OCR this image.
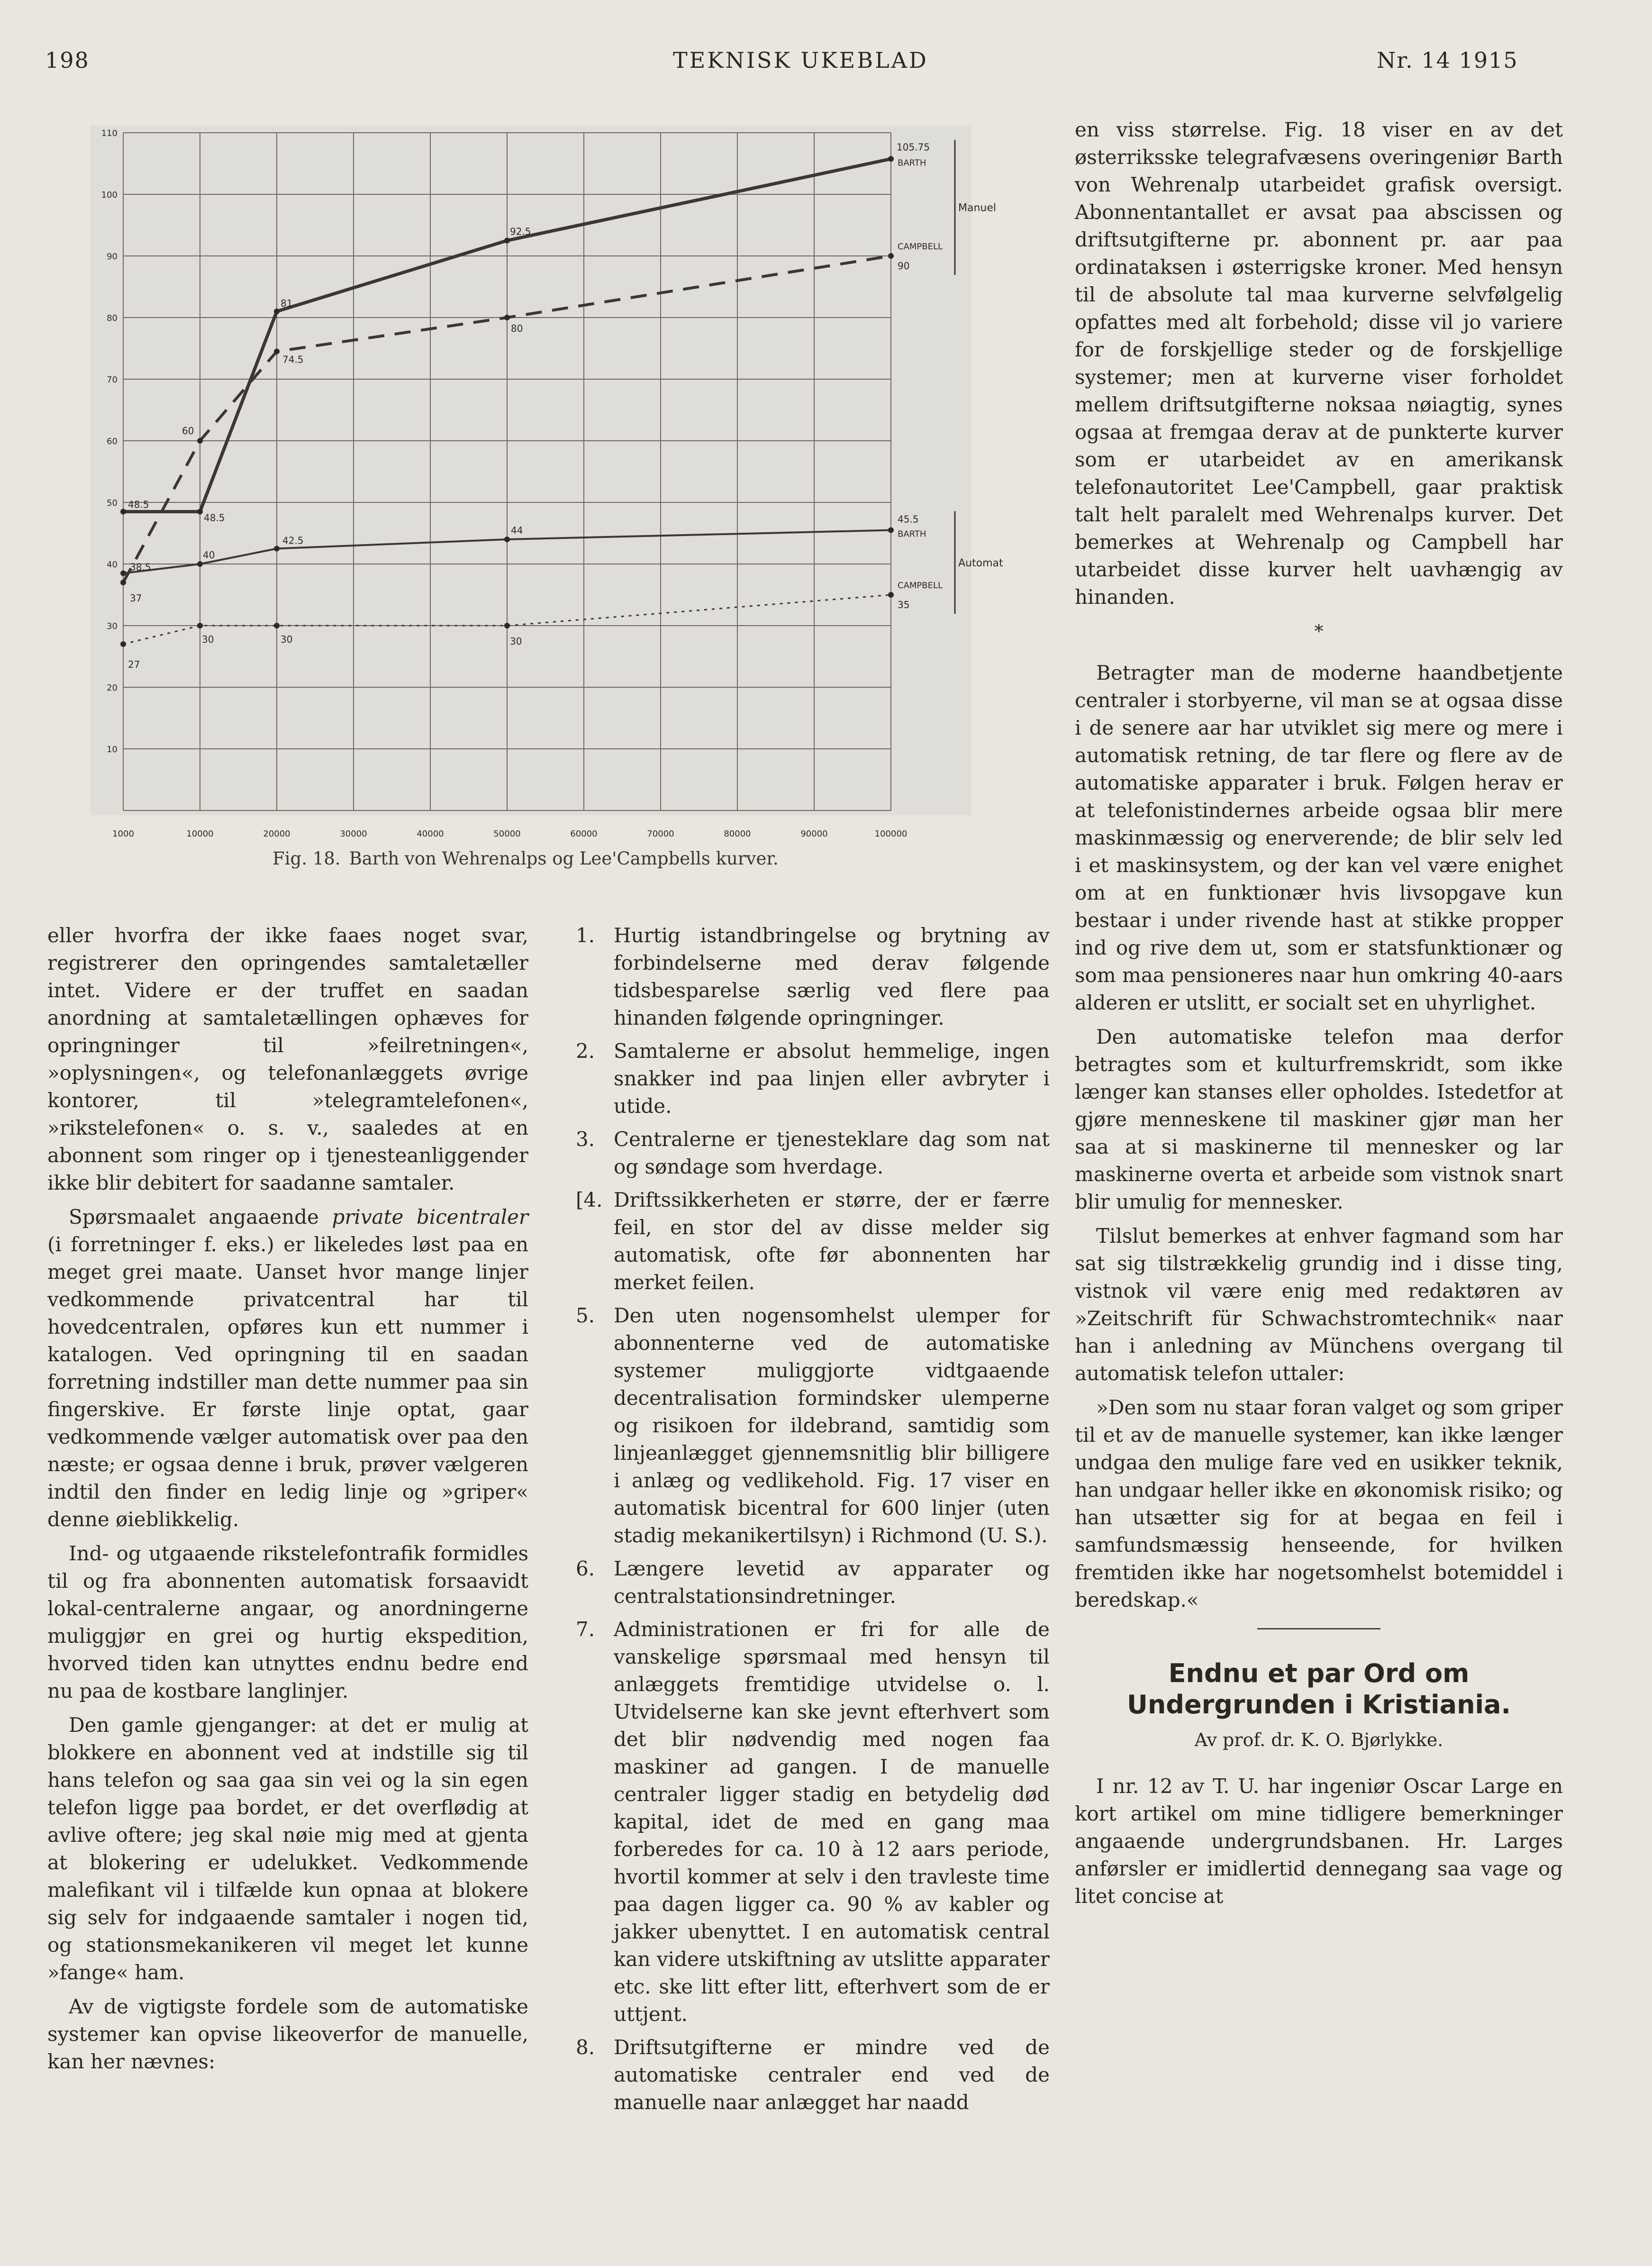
198	TEKNISK UKEBLAD	Nr. 14 1915
1000	10000	20000	30000	40000	50000	60000	70000	80000	90000	100000
10
20
30
40
50
60
70
80
90
100
110
48.5
48.5
81
92.5
105.75
BARTH
37
60
74.5
80
90
CAMPBELL
38.5
40
42.5
44
45.5
BARTH
27
30	30	30
35
CAMPBELL
Manuel
Automat
Fig. 18. Barth von Wehrenalps og Lee'Campbells kurver.

eller hvorfra der ikke faaes noget svar, registrerer den opringendes samtaletæller intet. Videre er der truffet en saadan anordning at samtaletællingen ophæves for opringninger til »feilretningen«, »oplysningen«, og telefonanlæggets øvrige kontorer, til »telegramtelefonen«, »rikstelefonen« o. s. v., saaledes at en abonnent som ringer op i tjenesteanliggender ikke blir debitert for saadanne samtaler.

Spørsmaalet angaaende private bicentraler (i forretninger f. eks.) er likeledes løst paa en meget grei maate. Uanset hvor mange linjer vedkommende privatcentral har til hovedcentralen, opføres kun ett nummer i katalogen. Ved opringning til en saadan forretning indstiller man dette nummer paa sin fingerskive. Er første linje optat, gaar vedkommende vælger automatisk over paa den næste; er ogsaa denne i bruk, prøver vælgeren indtil den finder en ledig linje og »griper« denne øieblikkelig.

Ind- og utgaaende rikstelefontrafik formidles til og fra abonnenten automatisk forsaavidt lokal-centralerne angaar, og anordningerne muliggjør en grei og hurtig ekspedition, hvorved tiden kan utnyttes endnu bedre end nu paa de kostbare langlinjer.

Den gamle gjenganger: at det er mulig at blokkere en abonnent ved at indstille sig til hans telefon og saa gaa sin vei og la sin egen telefon ligge paa bordet, er det overflødig at avlive oftere; jeg skal nøie mig med at gjenta at blokering er udelukket. Vedkommende malefikant vil i tilfælde kun opnaa at blokere sig selv for indgaaende samtaler i nogen tid, og stationsmekanikeren vil meget let kunne »fange« ham.

Av de vigtigste fordele som de automatiske systemer kan opvise likeoverfor de manuelle, kan her nævnes:

1. Hurtig istandbringelse og brytning av forbindelserne med derav følgende tidsbesparelse særlig ved flere paa hinanden følgende opringninger.
2. Samtalerne er absolut hemmelige, ingen snakker ind paa linjen eller avbryter i utide.
3. Centralerne er tjenesteklare dag som nat og søndage som hverdage.
[4. Driftssikkerheten er større, der er færre feil, en stor del av disse melder sig automatisk, ofte før abonnenten har merket feilen.
5. Den uten nogensomhelst ulemper for abonnenterne ved de automatiske systemer muliggjorte vidtgaaende decentralisation formindsker ulemperne og risikoen for ildebrand, samtidig som linjeanlægget gjennemsnitlig blir billigere i anlæg og vedlikehold. Fig. 17 viser en automatisk bicentral for 600 linjer (uten stadig mekanikertilsyn) i Richmond (U. S.).
6. Længere levetid av apparater og centralstationsindretninger.
7. Administrationen er fri for alle de vanskelige spørsmaal med hensyn til anlæggets fremtidige utvidelse o. l. Utvidelserne kan ske jevnt efterhvert som det blir nødvendig med nogen faa maskiner ad gangen. I de manuelle centraler ligger stadig en betydelig død kapital, idet de med en gang maa forberedes for ca. 10 à 12 aars periode, hvortil kommer at selv i den travleste time paa dagen ligger ca. 90 % av kabler og jakker ubenyttet. I en automatisk central kan videre utskiftning av utslitte apparater etc. ske litt efter litt, efterhvert som de er uttjent.
8. Driftsutgifterne er mindre ved de automatiske centraler end ved de manuelle naar anlægget har naadd

en viss størrelse. Fig. 18 viser en av det østerriksske telegrafvæsens overingeniør Barth von Wehrenalp utarbeidet grafisk oversigt. Abonnentantallet er avsat paa abscissen og driftsutgifterne pr. abonnent pr. aar paa ordinataksen i østerrigske kroner. Med hensyn til de absolute tal maa kurverne selvfølgelig opfattes med alt forbehold; disse vil jo variere for de forskjellige steder og de forskjellige systemer; men at kurverne viser forholdet mellem driftsutgifterne noksaa nøiagtig, synes ogsaa at fremgaa derav at de punkterte kurver som er utarbeidet av en amerikansk telefonautoritet Lee'Campbell, gaar praktisk talt helt paralelt med Wehrenalps kurver. Det bemerkes at Wehrenalp og Campbell har utarbeidet disse kurver helt uavhængig av hinanden.

*

Betragter man de moderne haandbetjente centraler i storbyerne, vil man se at ogsaa disse i de senere aar har utviklet sig mere og mere i automatisk retning, de tar flere og flere av de automatiske apparater i bruk. Følgen herav er at telefonistindernes arbeide ogsaa blir mere maskinmæssig og enerverende; de blir selv led i et maskinsystem, og der kan vel være enighet om at en funktionær hvis livsopgave kun bestaar i under rivende hast at stikke propper ind og rive dem ut, som er statsfunktionær og som maa pensioneres naar hun omkring 40-aars alderen er utslitt, er socialt set en uhyrlighet.

Den automatiske telefon maa derfor betragtes som et kulturfremskridt, som ikke længer kan stanses eller opholdes. Istedetfor at gjøre menneskene til maskiner gjør man her saa at si maskinerne til mennesker og lar maskinerne overta et arbeide som vistnok snart blir umulig for mennesker.

Tilslut bemerkes at enhver fagmand som har sat sig tilstrækkelig grundig ind i disse ting, vistnok vil være enig med redaktøren av »Zeitschrift für Schwachstromtechnik« naar han i anledning av Münchens overgang til automatisk telefon uttaler:

»Den som nu staar foran valget og som griper til et av de manuelle systemer, kan ikke længer undgaa den mulige fare ved en usikker teknik, han undgaar heller ikke en økonomisk risiko; og han utsætter sig for at begaa en feil i samfundsmæssig henseende, for hvilken fremtiden ikke har nogetsomhelst botemiddel i beredskap.«

Endnu et par Ord om Undergrunden i Kristiania.
Av prof. dr. K. O. Bjørlykke.

I nr. 12 av T. U. har ingeniør Oscar Large en kort artikel om mine tidligere bemerkninger angaaende undergrundsbanen. Hr. Larges anførsler er imidlertid dennegang saa vage og litet concise at
